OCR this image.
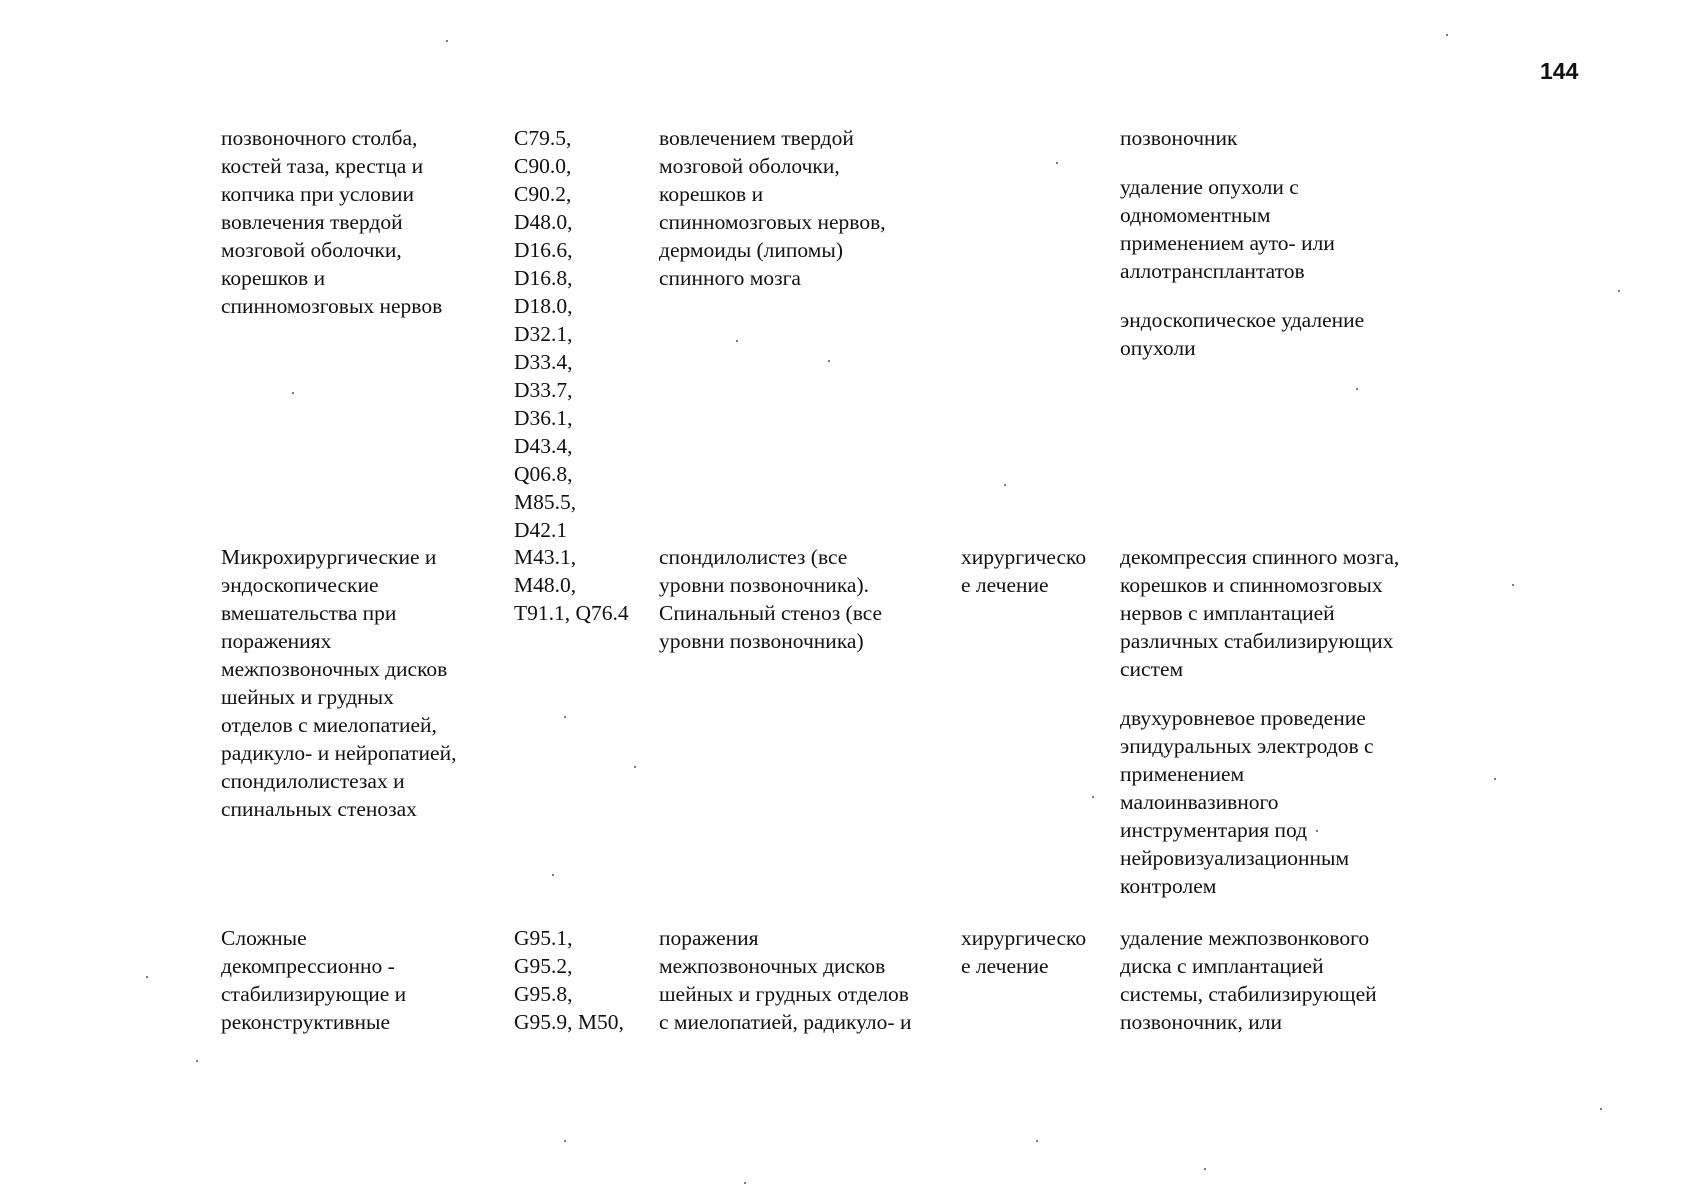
144
позвоночного столба,
костей таза, крестца и
копчика при условии
вовлечения твердой
мозговой оболочки,
корешков и
спинномозговых нервов
C79.5,
C90.0,
C90.2,
D48.0,
D16.6,
D16.8,
D18.0,
D32.1,
D33.4,
D33.7,
D36.1,
D43.4,
Q06.8,
M85.5,
D42.1
вовлечением твердой
мозговой оболочки,
корешков и
спинномозговых нервов,
дермоиды (липомы)
спинного мозга
позвоночник
удаление опухоли с
одномоментным
применением ауто- или
аллотрансплантатов
эндоскопическое удаление
опухоли
Микрохирургические и
эндоскопические
вмешательства при
поражениях
межпозвоночных дисков
шейных и грудных
отделов с миелопатией,
радикуло- и нейропатией,
спондилолистезах и
спинальных стенозах
M43.1,
M48.0,
T91.1, Q76.4
спондилолистез (все
уровни позвоночника).
Спинальный стеноз (все
уровни позвоночника)
хирургическо
е лечение
декомпрессия спинного мозга,
корешков и спинномозговых
нервов с имплантацией
различных стабилизирующих
систем
двухуровневое проведение
эпидуральных электродов с
применением
малоинвазивного
инструментария под
нейровизуализационным
контролем
Сложные
декомпрессионно -
стабилизирующие и
реконструктивные
G95.1,
G95.2,
G95.8,
G95.9, M50,
поражения
межпозвоночных дисков
шейных и грудных отделов
с миелопатией, радикуло- и
хирургическо
е лечение
удаление межпозвонкового
диска с имплантацией
системы, стабилизирующей
позвоночник, или
